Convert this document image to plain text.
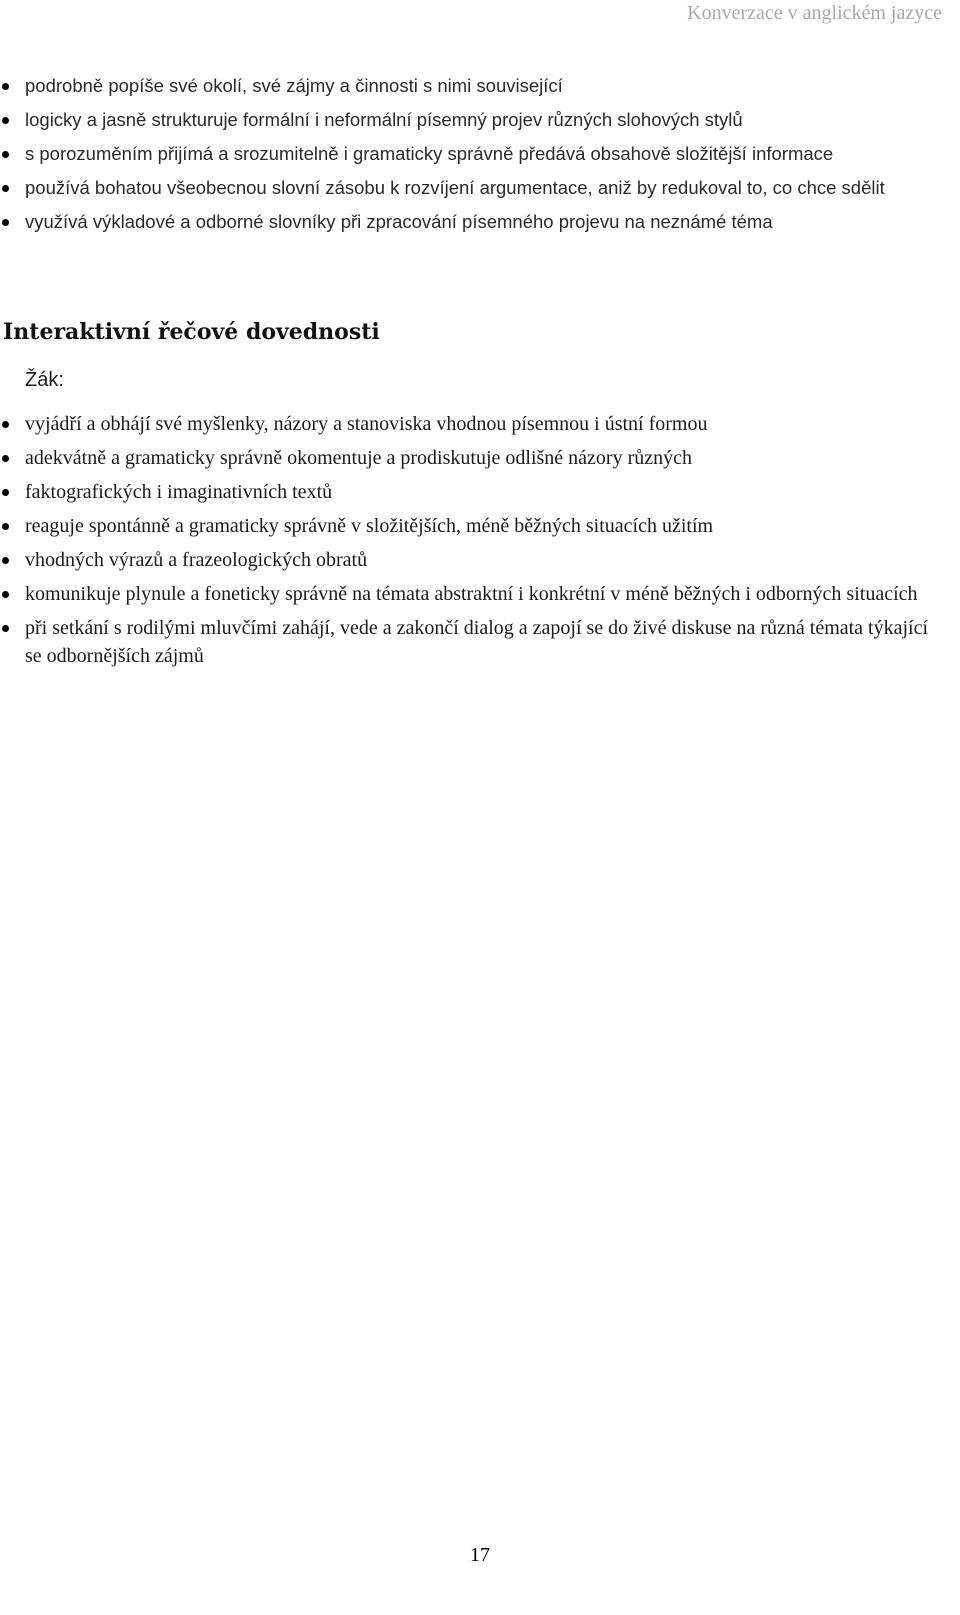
Konverzace v anglickém jazyce
podrobně popíše své okolí, své zájmy a činnosti s nimi související
logicky a jasně strukturuje formální i neformální písemný projev různých slohových stylů
s porozuměním přijímá a srozumitelně i gramaticky správně předává obsahově složitější informace
používá bohatou všeobecnou slovní zásobu k rozvíjení argumentace, aniž by redukoval to, co chce sdělit
využívá výkladové a odborné slovníky při zpracování písemného projevu na neznámé téma
Interaktivní řečové dovednosti
Žák:
vyjádří a obhájí své myšlenky, názory a stanoviska vhodnou písemnou i ústní formou
adekvátně a gramaticky správně okomentuje a prodiskutuje odlišné názory různých
faktografických i imaginativních textů
reaguje spontánně a gramaticky správně v složitějších, méně běžných situacích užitím
vhodných výrazů a frazeologických obratů
komunikuje plynule a foneticky správně na témata abstraktní i konkrétní v méně běžných i odborných situacích
při setkání s rodilými mluvčími zahájí, vede a zakončí dialog a zapojí se do živé diskuse na různá témata týkající se odbornějších zájmů
17
